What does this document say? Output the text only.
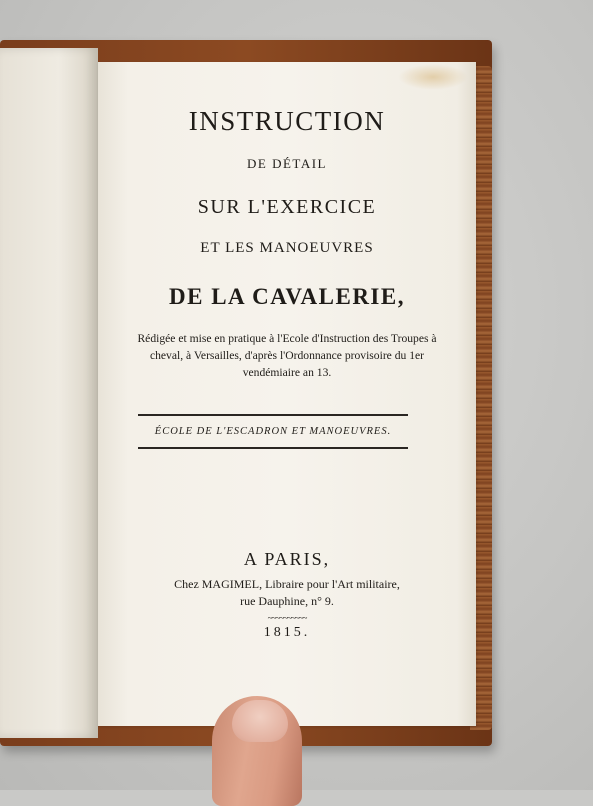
INSTRUCTION
DE DÉTAIL
SUR L'EXERCICE
ET LES MANOEUVRES
DE LA CAVALERIE,
Rédigée et mise en pratique à l'Ecole d'Instruction des Troupes à cheval, à Versailles, d'après l'Ordonnance provisoire du 1er vendémiaire an 13.
ÉCOLE DE L'ESCADRON ET MANOEUVRES.
A PARIS,
Chez MAGIMEL, Libraire pour l'Art militaire,
rue Dauphine, n° 9.
~~~~~~~~~~
1815.
